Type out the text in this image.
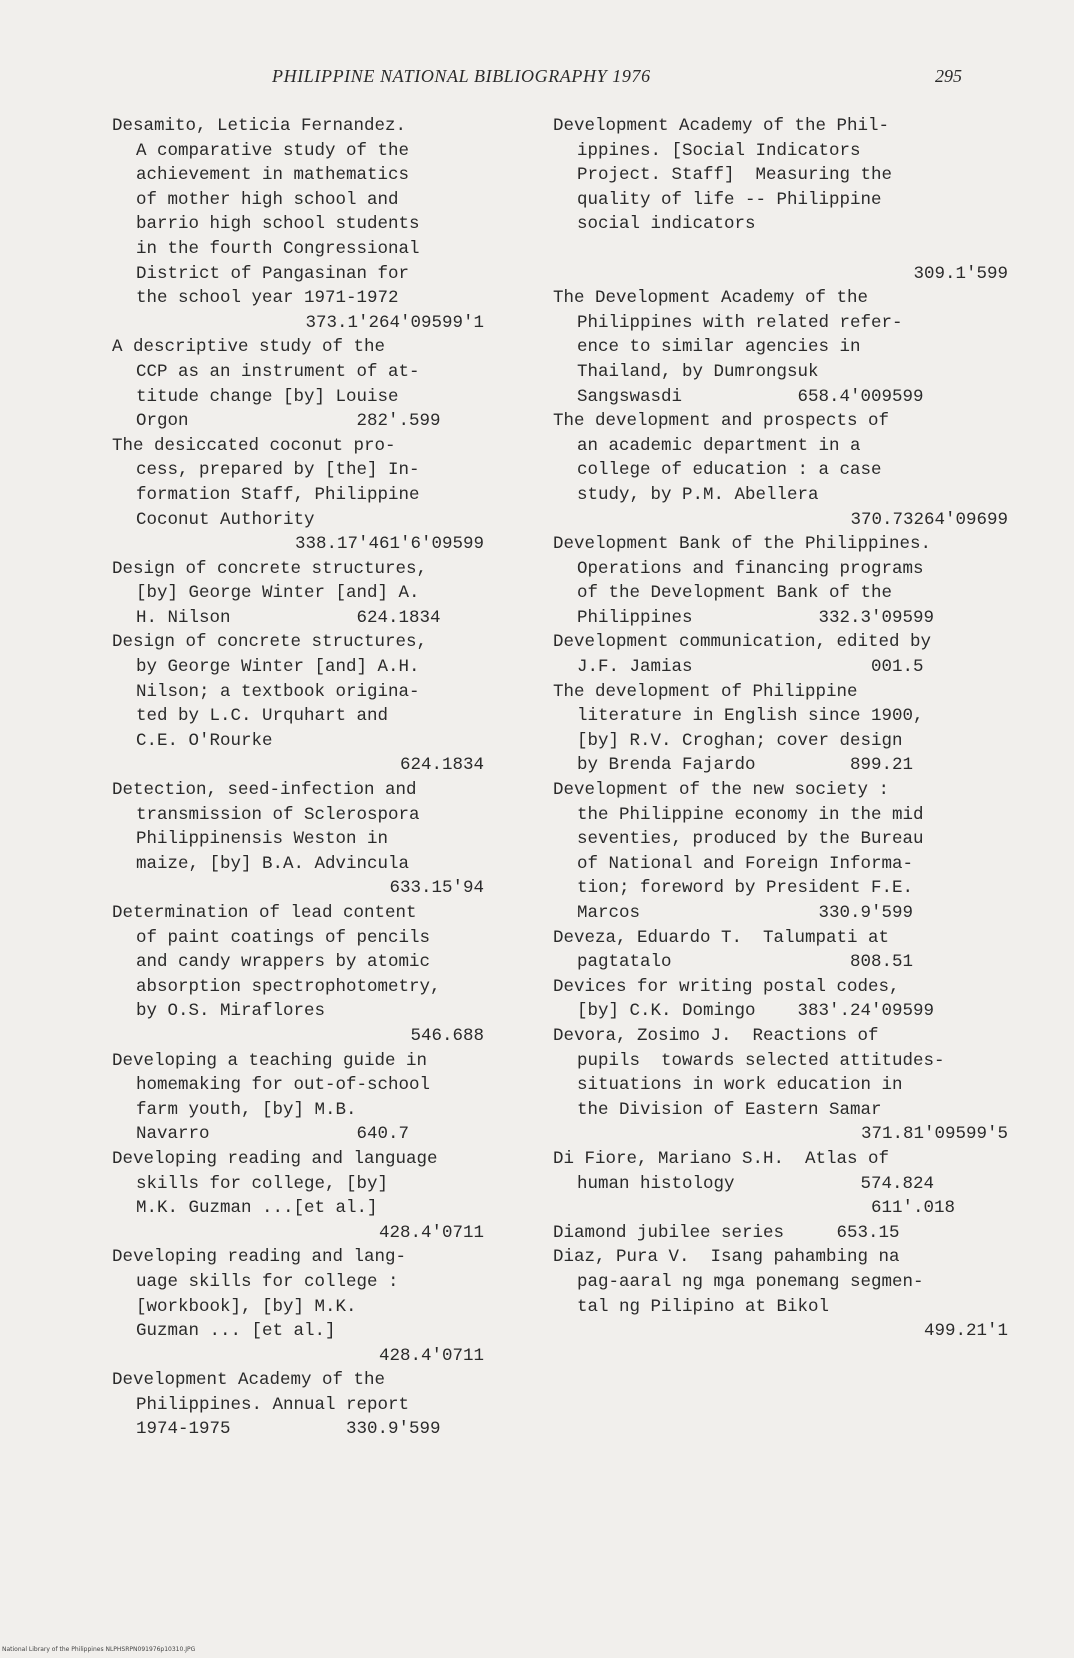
PHILIPPINE NATIONAL BIBLIOGRAPHY 1976	295
Desamito, Leticia Fernandez.
A comparative study of the
achievement in mathematics
of mother high school and
barrio high school students
in the fourth Congressional
District of Pangasinan for
the school year 1971-1972
373.1'264'09599'1
A descriptive study of the
CCP as an instrument of at-
titude change [by] Louise
Orgon                282'.599
The desiccated coconut pro-
cess, prepared by [the] In-
formation Staff, Philippine
Coconut Authority
338.17'461'6'09599
Design of concrete structures,
[by] George Winter [and] A.
H. Nilson            624.1834
Design of concrete structures,
by George Winter [and] A.H.
Nilson; a textbook origina-
ted by L.C. Urquhart and
C.E. O'Rourke
624.1834
Detection, seed-infection and
transmission of Sclerospora
Philippinensis Weston in
maize, [by] B.A. Advincula
633.15'94
Determination of lead content
of paint coatings of pencils
and candy wrappers by atomic
absorption spectrophotometry,
by O.S. Miraflores
546.688
Developing a teaching guide in
homemaking for out-of-school
farm youth, [by] M.B.
Navarro              640.7
Developing reading and language
skills for college, [by]
M.K. Guzman ...[et al.]
428.4'0711
Developing reading and lang-
uage skills for college :
[workbook], [by] M.K.
Guzman ... [et al.]
428.4'0711
Development Academy of the
Philippines. Annual report
1974-1975           330.9'599
Development Academy of the Phil-
ippines. [Social Indicators
Project. Staff]  Measuring the
quality of life -- Philippine
social indicators

309.1'599
The Development Academy of the
Philippines with related refer-
ence to similar agencies in
Thailand, by Dumrongsuk
Sangswasdi           658.4'009599
The development and prospects of
an academic department in a
college of education : a case
study, by P.M. Abellera
370.73264'09699
Development Bank of the Philippines.
Operations and financing programs
of the Development Bank of the
Philippines            332.3'09599
Development communication, edited by
J.F. Jamias                 001.5
The development of Philippine
literature in English since 1900,
[by] R.V. Croghan; cover design
by Brenda Fajardo         899.21
Development of the new society :
the Philippine economy in the mid
seventies, produced by the Bureau
of National and Foreign Informa-
tion; foreword by President F.E.
Marcos                 330.9'599
Deveza, Eduardo T.  Talumpati at
pagtatalo                 808.51
Devices for writing postal codes,
[by] C.K. Domingo    383'.24'09599
Devora, Zosimo J.  Reactions of
pupils  towards selected attitudes-
situations in work education in
the Division of Eastern Samar
371.81'09599'5
Di Fiore, Mariano S.H.  Atlas of
human histology            574.824
611'.018
Diamond jubilee series     653.15
Diaz, Pura V.  Isang pahambing na
pag-aaral ng mga ponemang segmen-
tal ng Pilipino at Bikol
499.21'1
National Library of the Philippines NLPHSRPN091976p10310.JPG
